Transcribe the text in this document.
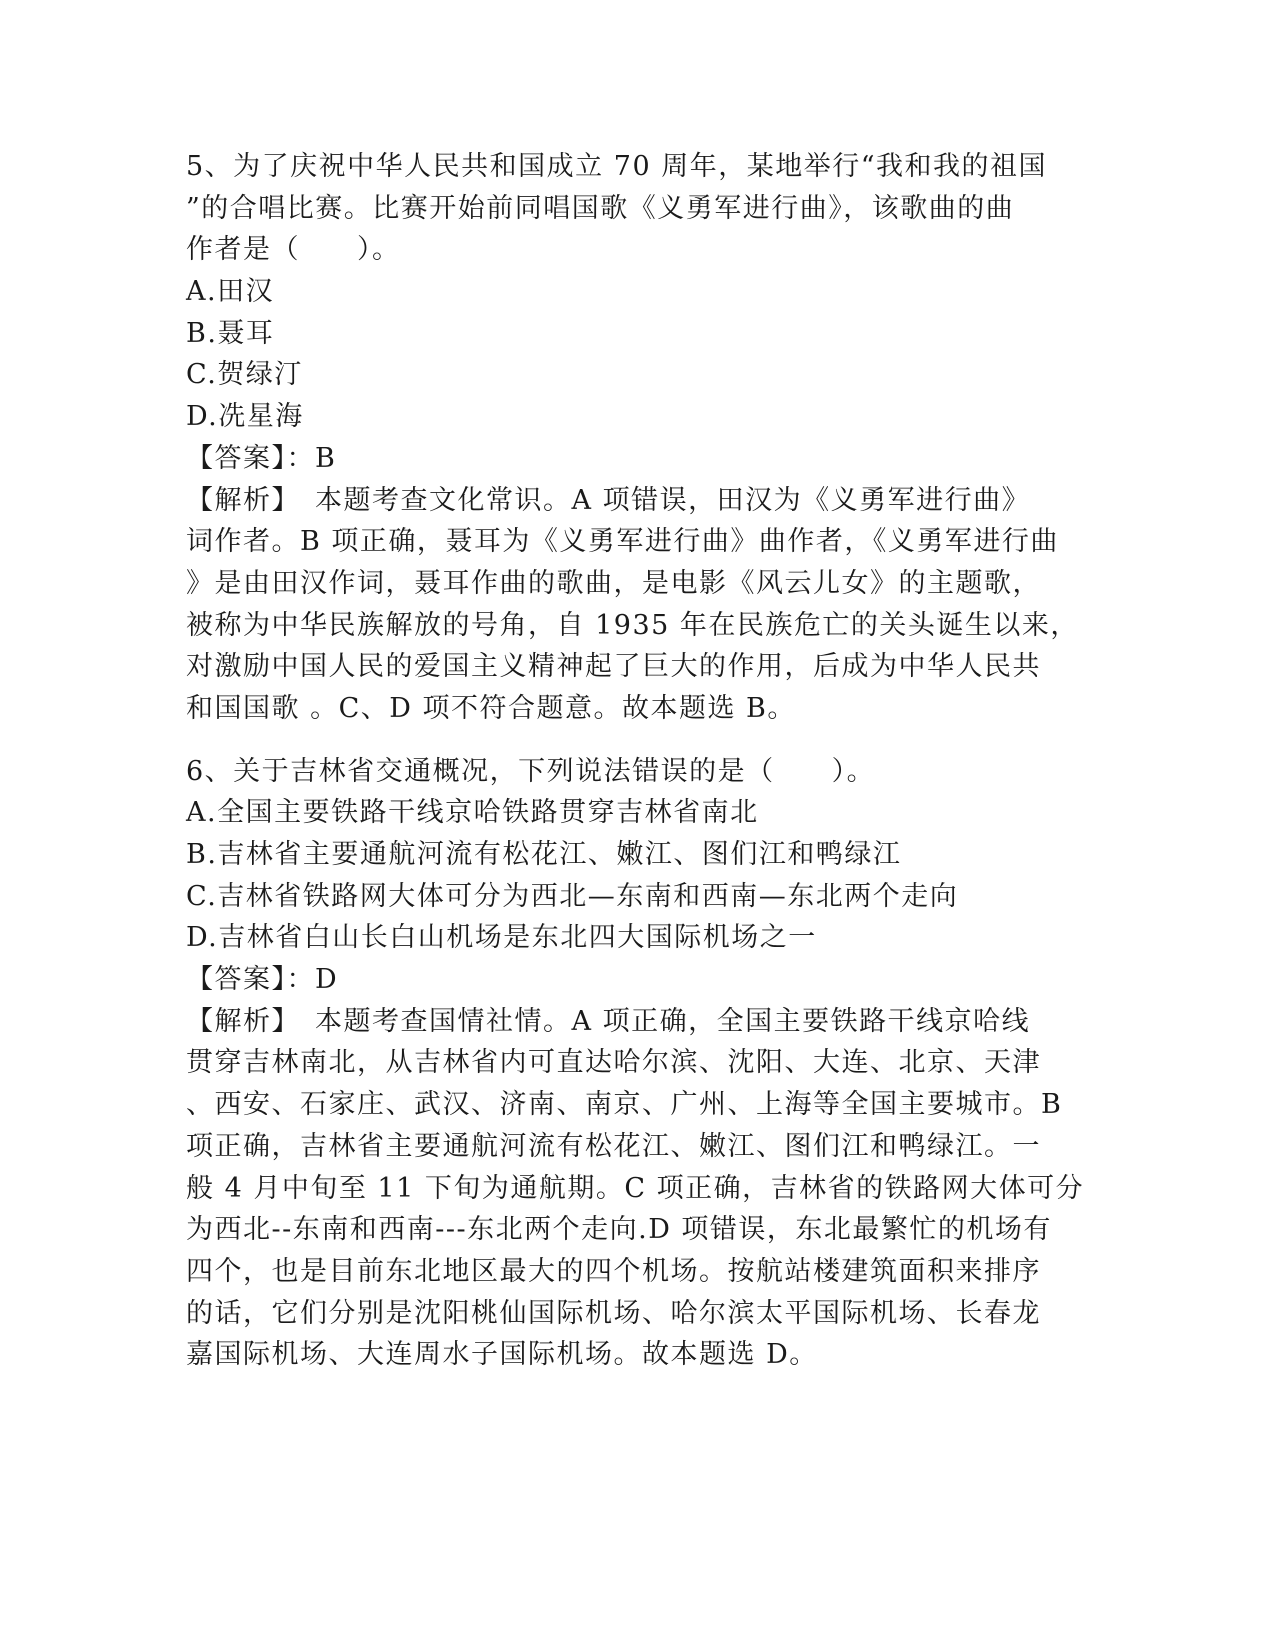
5、为了庆祝中华人民共和国成立 70 周年，某地举行“我和我的祖国
”的合唱比赛。比赛开始前同唱国歌《义勇军进行曲》，该歌曲的曲
作者是（　　）。
A.田汉
B.聂耳
C.贺绿汀
D.冼星海
【答案】：B
【解析】　本题考查文化常识。A 项错误，田汉为《义勇军进行曲》
词作者。B 项正确，聂耳为《义勇军进行曲》曲作者，《义勇军进行曲
》是由田汉作词，聂耳作曲的歌曲，是电影《风云儿女》的主题歌，
被称为中华民族解放的号角，自 1935 年在民族危亡的关头诞生以来，
对激励中国人民的爱国主义精神起了巨大的作用，后成为中华人民共
和国国歌 。C、D 项不符合题意。故本题选 B。
6、关于吉林省交通概况，下列说法错误的是（　　）。
A.全国主要铁路干线京哈铁路贯穿吉林省南北
B.吉林省主要通航河流有松花江、嫩江、图们江和鸭绿江
C.吉林省铁路网大体可分为西北—东南和西南—东北两个走向
D.吉林省白山长白山机场是东北四大国际机场之一
【答案】：D
【解析】　本题考查国情社情。A 项正确，全国主要铁路干线京哈线
贯穿吉林南北，从吉林省内可直达哈尔滨、沈阳、大连、北京、天津
、西安、石家庄、武汉、济南、南京、广州、上海等全国主要城市。B
项正确，吉林省主要通航河流有松花江、嫩江、图们江和鸭绿江。一
般 4 月中旬至 11 下旬为通航期。C 项正确，吉林省的铁路网大体可分
为西北--东南和西南---东北两个走向.D 项错误，东北最繁忙的机场有
四个，也是目前东北地区最大的四个机场。按航站楼建筑面积来排序
的话，它们分别是沈阳桃仙国际机场、哈尔滨太平国际机场、长春龙
嘉国际机场、大连周水子国际机场。故本题选 D。
